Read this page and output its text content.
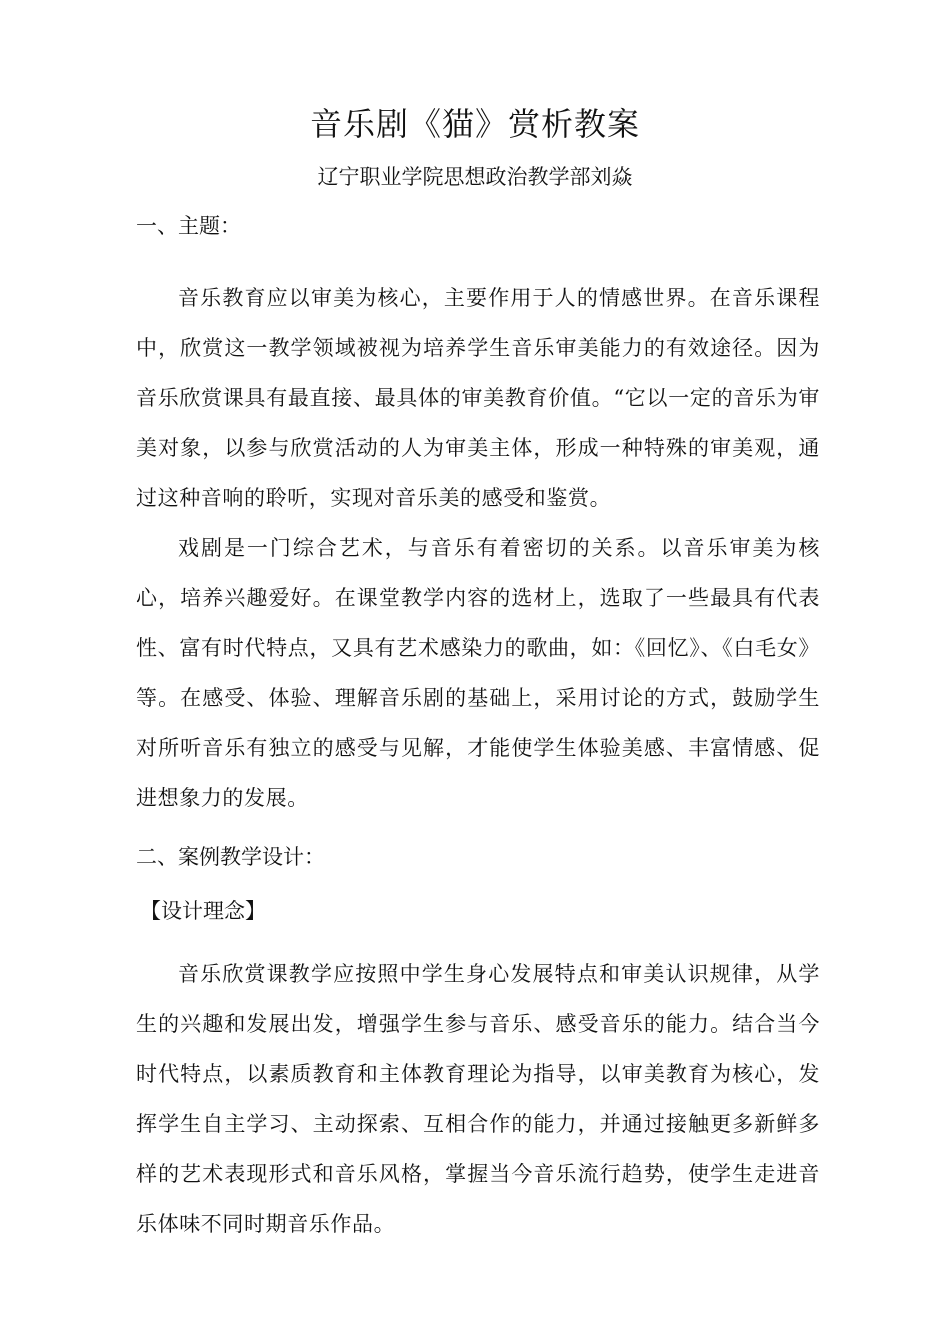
音乐剧《猫》赏析教案
辽宁职业学院思想政治教学部刘焱
一、主题：

音乐教育应以审美为核心，主要作用于人的情感世界。在音乐课程中，欣赏这一教学领域被视为培养学生音乐审美能力的有效途径。因为音乐欣赏课具有最直接、最具体的审美教育价值。“它以一定的音乐为审美对象，以参与欣赏活动的人为审美主体，形成一种特殊的审美观，通过这种音响的聆听，实现对音乐美的感受和鉴赏。

戏剧是一门综合艺术，与音乐有着密切的关系。以音乐审美为核心，培养兴趣爱好。在课堂教学内容的选材上，选取了一些最具有代表性、富有时代特点，又具有艺术感染力的歌曲，如：《回忆》、《白毛女》等。在感受、体验、理解音乐剧的基础上，采用讨论的方式，鼓励学生对所听音乐有独立的感受与见解，才能使学生体验美感、丰富情感、促进想象力的发展。

二、案例教学设计：
【设计理念】

音乐欣赏课教学应按照中学生身心发展特点和审美认识规律，从学生的兴趣和发展出发，增强学生参与音乐、感受音乐的能力。结合当今时代特点，以素质教育和主体教育理论为指导，以审美教育为核心，发挥学生自主学习、主动探索、互相合作的能力，并通过接触更多新鲜多样的艺术表现形式和音乐风格，掌握当今音乐流行趋势，使学生走进音乐体味不同时期音乐作品。
